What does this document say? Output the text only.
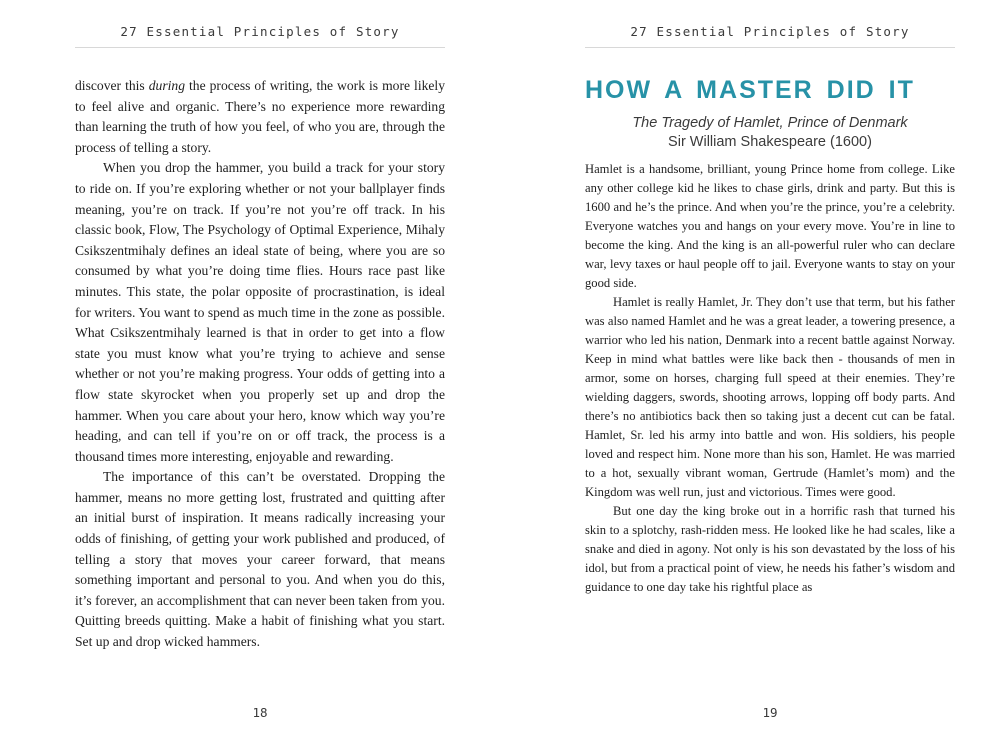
27 Essential Principles of Story

discover this during the process of writing, the work is more likely to feel alive and organic. There’s no experience more rewarding than learning the truth of how you feel, of who you are, through the process of telling a story.

When you drop the hammer, you build a track for your story to ride on. If you’re exploring whether or not your ballplayer finds meaning, you’re on track. If you’re not you’re off track. In his classic book, Flow, The Psychology of Optimal Experience, Mihaly Csikszentmihaly defines an ideal state of being, where you are so consumed by what you’re doing time flies. Hours race past like minutes. This state, the polar opposite of procrastination, is ideal for writers. You want to spend as much time in the zone as possible. What Csikszentmihaly learned is that in order to get into a flow state you must know what you’re trying to achieve and sense whether or not you’re making progress. Your odds of getting into a flow state skyrocket when you properly set up and drop the hammer. When you care about your hero, know which way you’re heading, and can tell if you’re on or off track, the process is a thousand times more interesting, enjoyable and rewarding.

The importance of this can’t be overstated. Dropping the hammer, means no more getting lost, frustrated and quitting after an initial burst of inspiration. It means radically increasing your odds of finishing, of getting your work published and produced, of telling a story that moves your career forward, that means something important and personal to you. And when you do this, it’s forever, an accomplishment that can never been taken from you. Quitting breeds quitting. Make a habit of finishing what you start. Set up and drop wicked hammers.

18
27 Essential Principles of Story
HOW A MASTER DID IT
The Tragedy of Hamlet, Prince of Denmark
Sir William Shakespeare (1600)

Hamlet is a handsome, brilliant, young Prince home from college. Like any other college kid he likes to chase girls, drink and party. But this is 1600 and he’s the prince. And when you’re the prince, you’re a celebrity. Everyone watches you and hangs on your every move. You’re in line to become the king. And the king is an all-powerful ruler who can declare war, levy taxes or haul people off to jail. Everyone wants to stay on your good side.

Hamlet is really Hamlet, Jr. They don’t use that term, but his father was also named Hamlet and he was a great leader, a towering presence, a warrior who led his nation, Denmark into a recent battle against Norway. Keep in mind what battles were like back then - thousands of men in armor, some on horses, charging full speed at their enemies. They’re wielding daggers, swords, shooting arrows, lopping off body parts. And there’s no antibiotics back then so taking just a decent cut can be fatal. Hamlet, Sr. led his army into battle and won. His soldiers, his people loved and respect him. None more than his son, Hamlet. He was married to a hot, sexually vibrant woman, Gertrude (Hamlet’s mom) and the Kingdom was well run, just and victorious. Times were good.

But one day the king broke out in a horrific rash that turned his skin to a splotchy, rash-ridden mess. He looked like he had scales, like a snake and died in agony. Not only is his son devastated by the loss of his idol, but from a practical point of view, he needs his father’s wisdom and guidance to one day take his rightful place as

19
